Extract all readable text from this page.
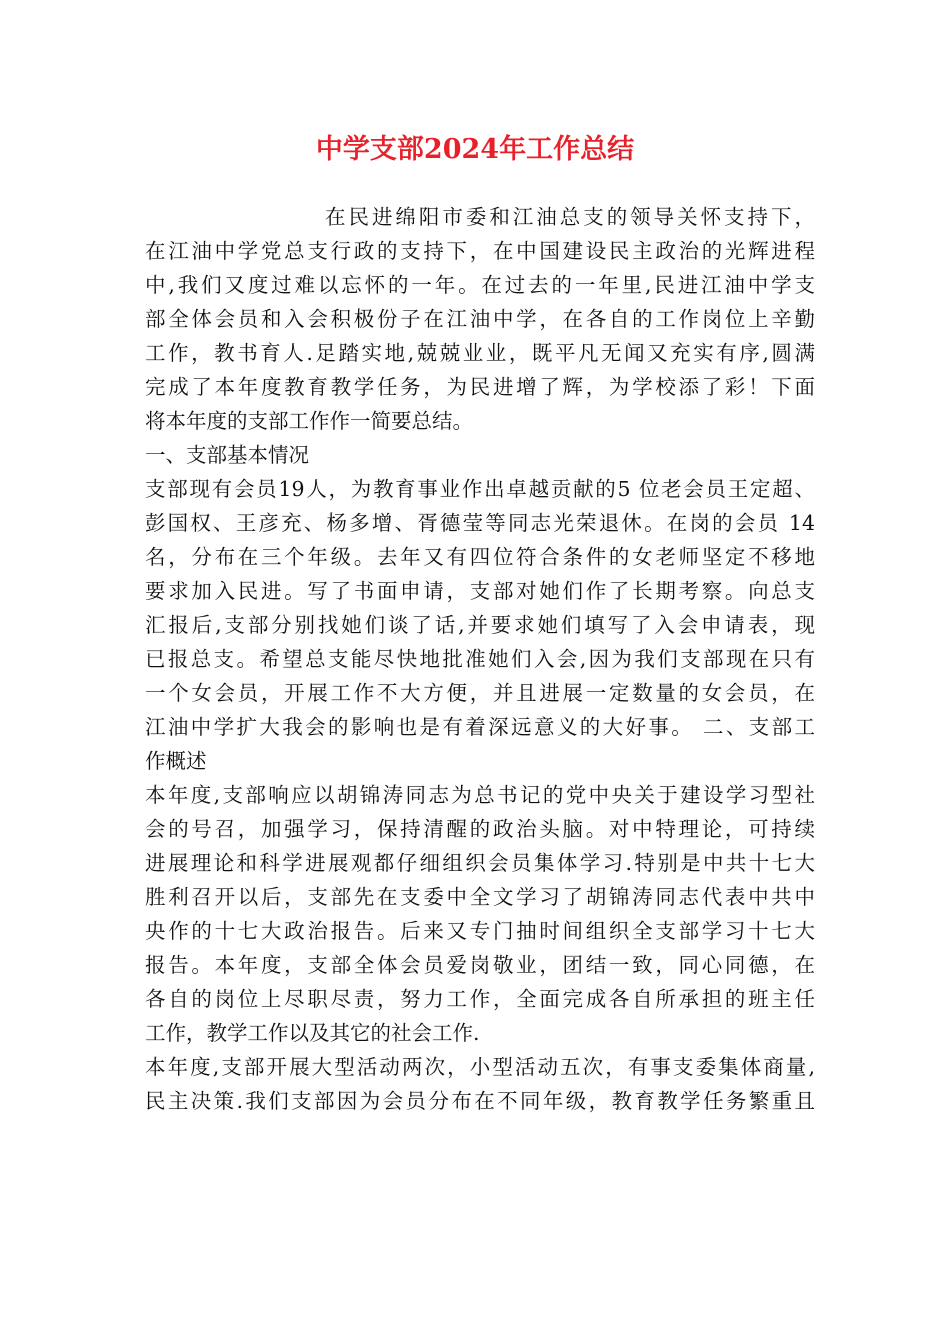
中学支部2024年工作总结
在民进绵阳市委和江油总支的领导关怀支持下，
在江油中学党总支行政的支持下，在中国建设民主政治的光辉进程
中,我们又度过难以忘怀的一年。在过去的一年里,民进江油中学支
部全体会员和入会积极份子在江油中学，在各自的工作岗位上辛勤
工作，教书育人.足踏实地,兢兢业业，既平凡无闻又充实有序,圆满
完成了本年度教育教学任务，为民进增了辉，为学校添了彩！下面
将本年度的支部工作作一简要总结。
一、支部基本情况
支部现有会员19人，为教育事业作出卓越贡献的5 位老会员王定超、
彭国权、王彦充、杨多增、胥德莹等同志光荣退休。在岗的会员 14
名，分布在三个年级。去年又有四位符合条件的女老师坚定不移地
要求加入民进。写了书面申请，支部对她们作了长期考察。向总支
汇报后,支部分别找她们谈了话,并要求她们填写了入会申请表，现
已报总支。希望总支能尽快地批准她们入会,因为我们支部现在只有
一个女会员，开展工作不大方便，并且进展一定数量的女会员，在
江油中学扩大我会的影响也是有着深远意义的大好事。 二、支部工
作概述
本年度,支部响应以胡锦涛同志为总书记的党中央关于建设学习型社
会的号召，加强学习，保持清醒的政治头脑。对中特理论，可持续
进展理论和科学进展观都仔细组织会员集体学习.特别是中共十七大
胜利召开以后，支部先在支委中全文学习了胡锦涛同志代表中共中
央作的十七大政治报告。后来又专门抽时间组织全支部学习十七大
报告。本年度，支部全体会员爱岗敬业，团结一致，同心同德，在
各自的岗位上尽职尽责，努力工作，全面完成各自所承担的班主任
工作，教学工作以及其它的社会工作.
本年度,支部开展大型活动两次，小型活动五次，有事支委集体商量,
民主决策.我们支部因为会员分布在不同年级，教育教学任务繁重且
